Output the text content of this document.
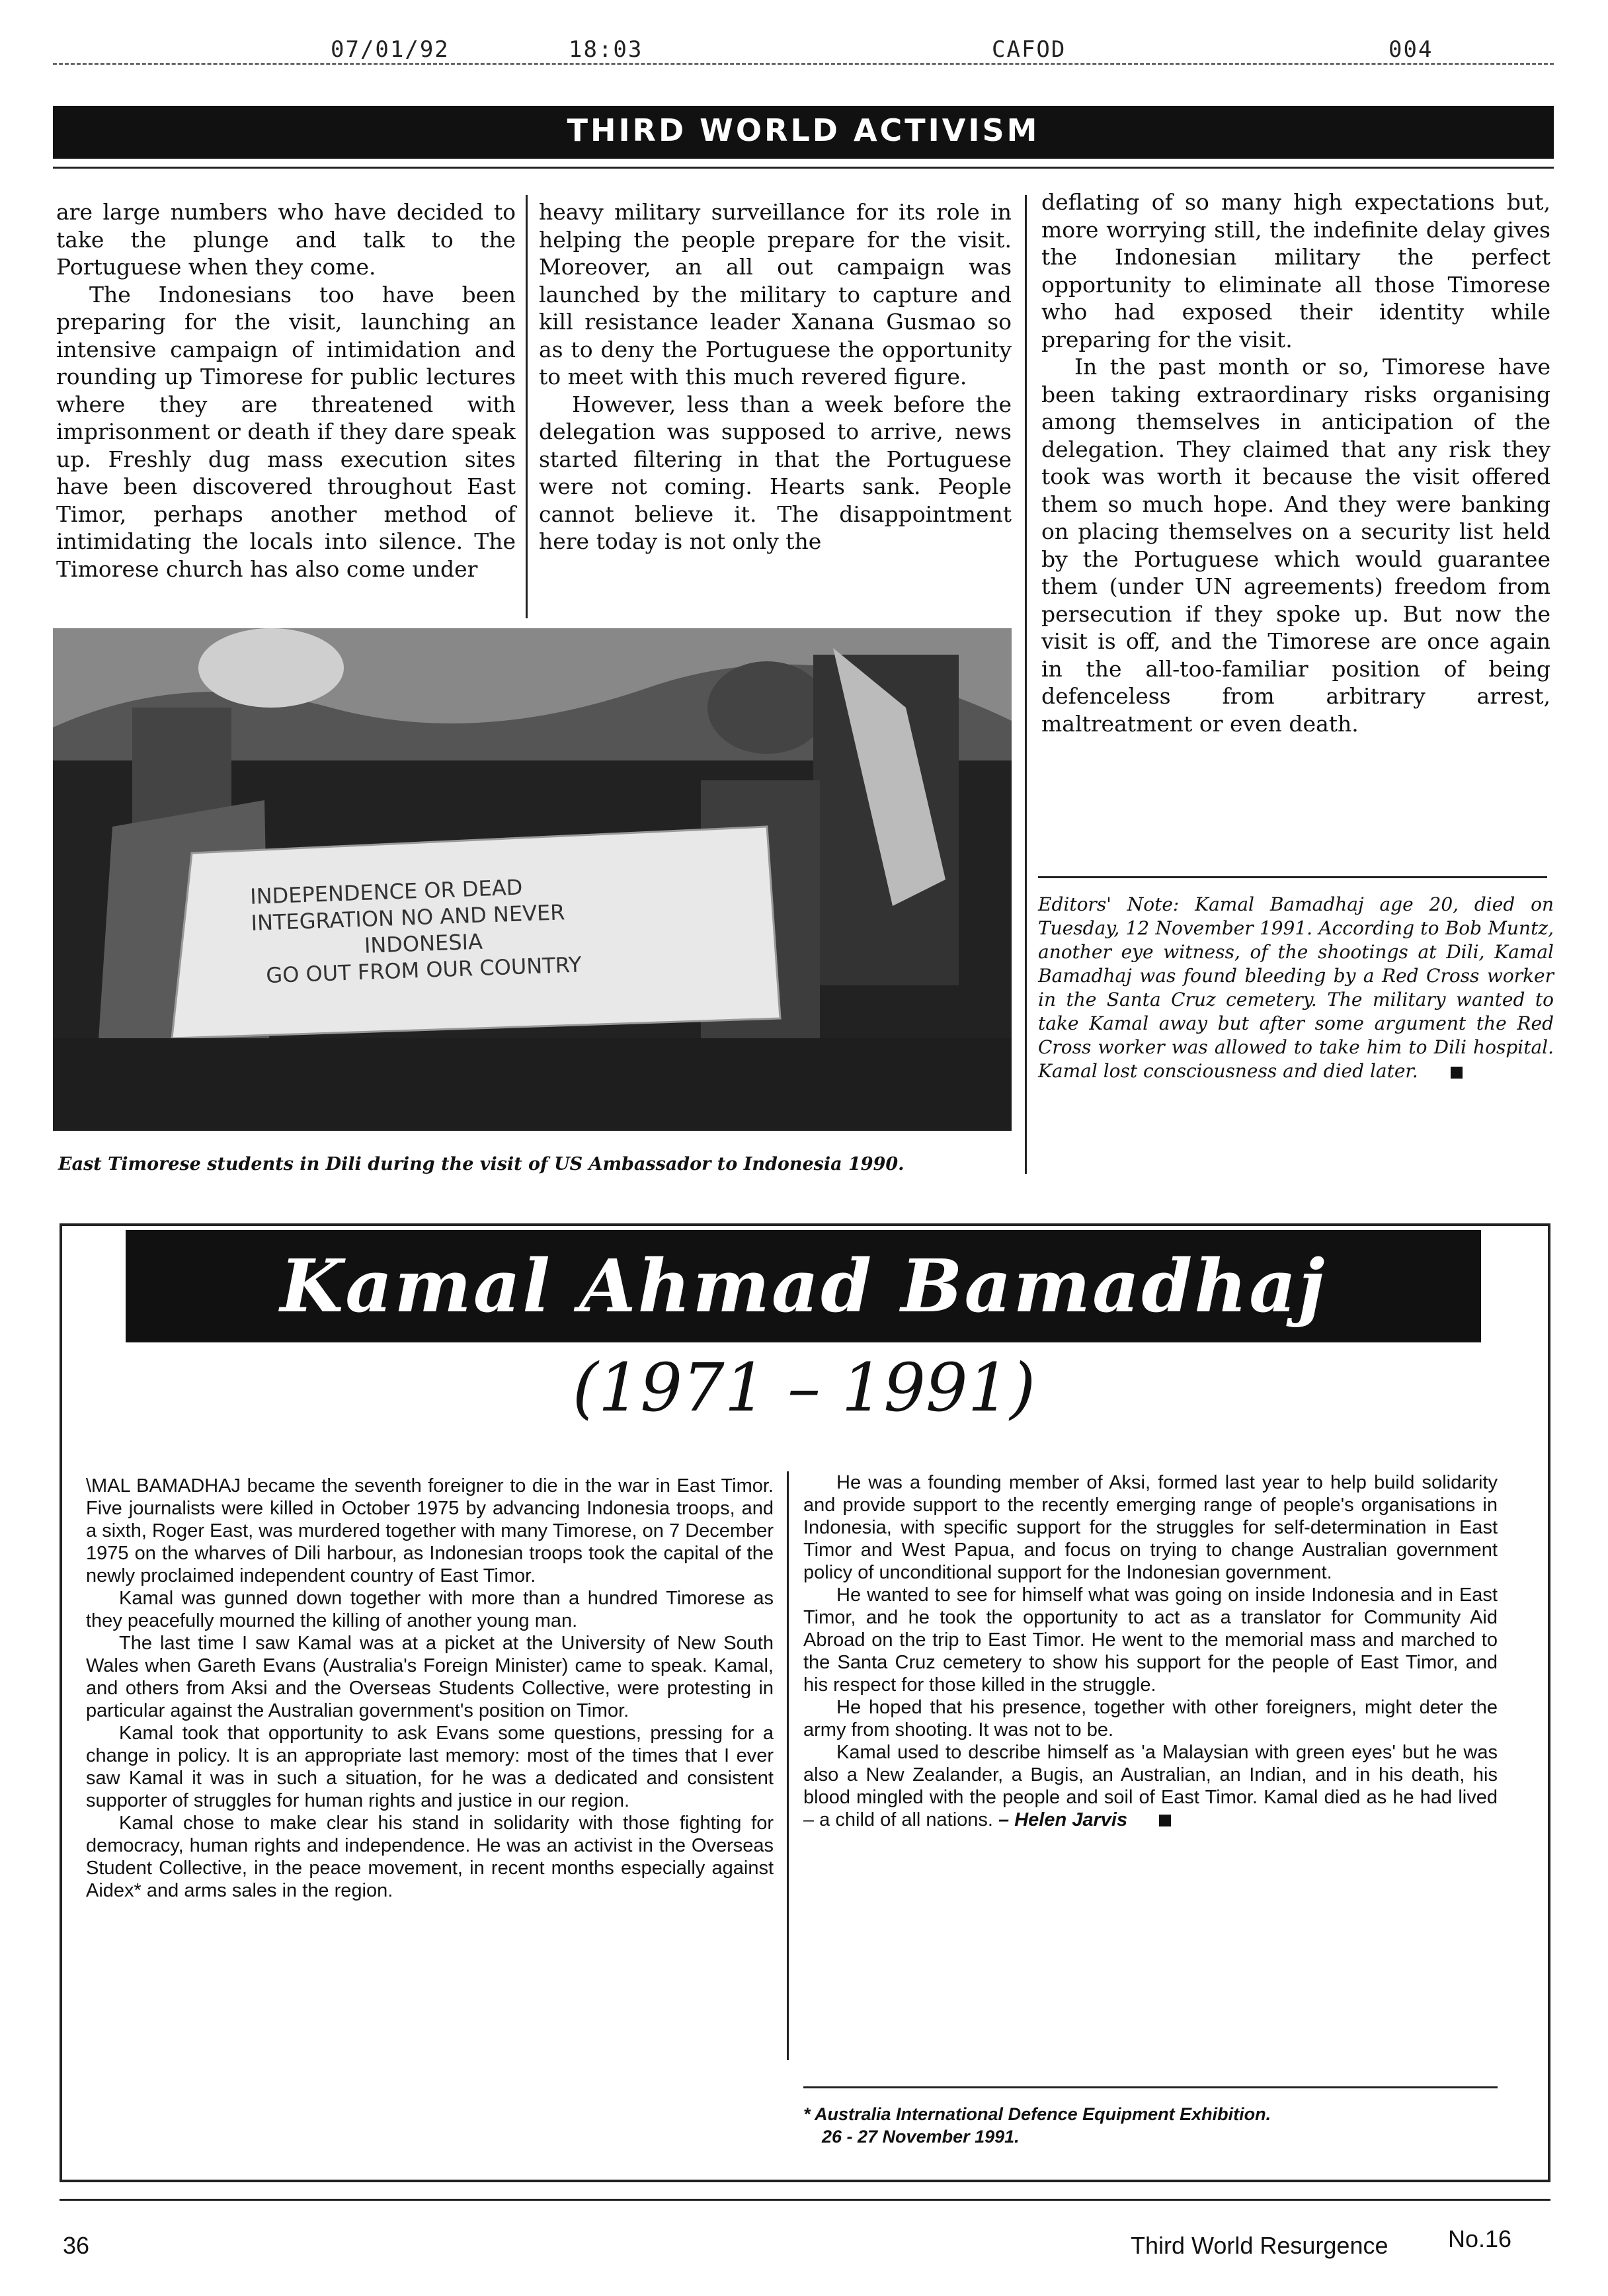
07/01/92	18:03	CAFOD	004
THIRD WORLD ACTIVISM

are large numbers who have decided to take the plunge and talk to the Portuguese when they come.

The Indonesians too have been preparing for the visit, launching an intensive campaign of intimidation and rounding up Timorese for public lectures where they are threatened with imprisonment or death if they dare speak up. Freshly dug mass execution sites have been discovered throughout East Timor, perhaps another method of intimidating the locals into silence. The Timorese church has also come under

heavy military surveillance for its role in helping the people prepare for the visit. Moreover, an all out campaign was launched by the military to capture and kill resistance leader Xanana Gusmao so as to deny the Portuguese the opportunity to meet with this much revered figure.

However, less than a week before the delegation was supposed to arrive, news started filtering in that the Portuguese were not coming. Hearts sank. People cannot believe it. The disappointment here today is not only the

deflating of so many high expectations but, more worrying still, the indefinite delay gives the Indonesian military the perfect opportunity to eliminate all those Timorese who had exposed their identity while preparing for the visit.

In the past month or so, Timorese have been taking extraordinary risks organising among themselves in anticipation of the delegation. They claimed that any risk they took was worth it because the visit offered them so much hope. And they were banking on placing themselves on a security list held by the Portuguese which would guarantee them (under UN agreements) freedom from persecution if they spoke up. But now the visit is off, and the Timorese are once again in the all-too-familiar position of being defenceless from arbitrary arrest, maltreatment or even death.

INDEPENDENCE OR DEAD
INTEGRATION NO AND NEVER
INDONESIA
GO OUT FROM OUR COUNTRY
East Timorese students in Dili during the visit of US Ambassador to Indonesia 1990.
Editors' Note: Kamal Bamadhaj age 20, died on Tuesday, 12 November 1991. According to Bob Muntz, another eye witness, of the shootings at Dili, Kamal Bamadhaj was found bleeding by a Red Cross worker in the Santa Cruz cemetery. The military wanted to take Kamal away but after some argument the Red Cross worker was allowed to take him to Dili hospital. Kamal lost consciousness and died later.
Kamal Ahmad Bamadhaj
(1971 – 1991)

\MAL BAMADHAJ became the seventh foreigner to die in the war in East Timor. Five journalists were killed in October 1975 by advancing Indonesia troops, and a sixth, Roger East, was murdered together with many Timorese, on 7 December 1975 on the wharves of Dili harbour, as Indonesian troops took the capital of the newly proclaimed independent country of East Timor.

Kamal was gunned down together with more than a hundred Timorese as they peacefully mourned the killing of another young man.

The last time I saw Kamal was at a picket at the University of New South Wales when Gareth Evans (Australia's Foreign Minister) came to speak. Kamal, and others from Aksi and the Overseas Students Collective, were protesting in particular against the Australian government's position on Timor.

Kamal took that opportunity to ask Evans some questions, pressing for a change in policy. It is an appropriate last memory: most of the times that I ever saw Kamal it was in such a situation, for he was a dedicated and consistent supporter of struggles for human rights and justice in our region.

Kamal chose to make clear his stand in solidarity with those fighting for democracy, human rights and independence. He was an activist in the Overseas Student Collective, in the peace movement, in recent months especially against Aidex* and arms sales in the region.

He was a founding member of Aksi, formed last year to help build solidarity and provide support to the recently emerging range of people's organisations in Indonesia, with specific support for the struggles for self-determination in East Timor and West Papua, and focus on trying to change Australian government policy of unconditional support for the Indonesian government.

He wanted to see for himself what was going on inside Indonesia and in East Timor, and he took the opportunity to act as a translator for Community Aid Abroad on the trip to East Timor. He went to the memorial mass and marched to the Santa Cruz cemetery to show his support for the people of East Timor, and his respect for those killed in the struggle.

He hoped that his presence, together with other foreigners, might deter the army from shooting. It was not to be.

Kamal used to describe himself as 'a Malaysian with green eyes' but he was also a New Zealander, a Bugis, an Australian, an Indian, and in his death, his blood mingled with the people and soil of East Timor. Kamal died as he had lived – a child of all nations. – Helen Jarvis

* Australia International Defence Equipment Exhibition.
26 - 27 November 1991.
36	Third World Resurgence	No.16
